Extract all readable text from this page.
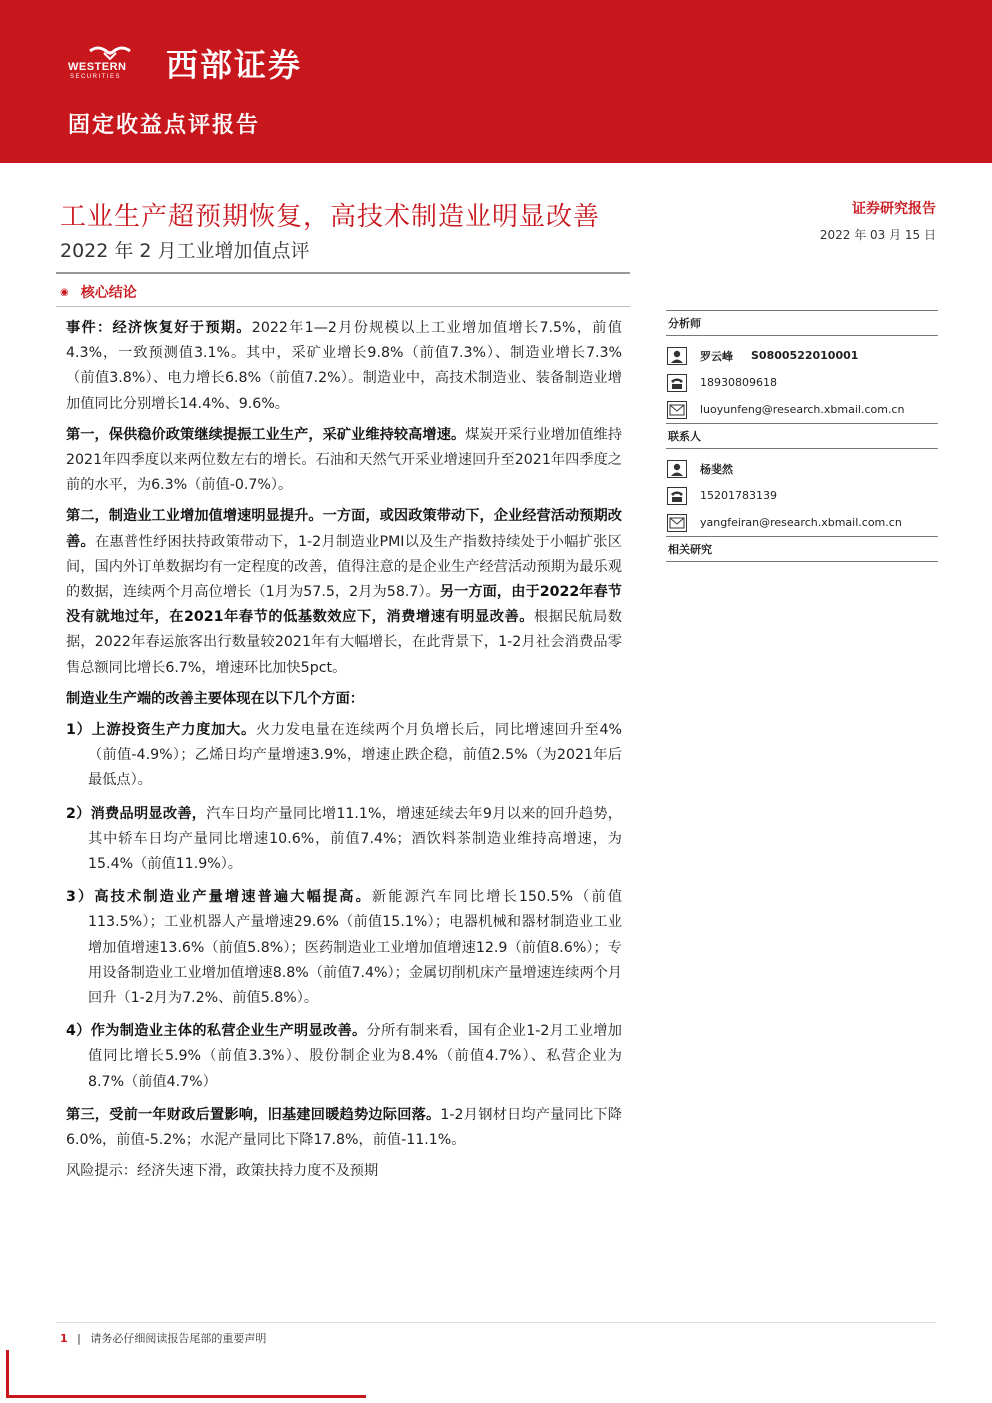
WESTERN
SECURITIES 西部证券
固定收益点评报告
工业生产超预期恢复，高技术制造业明显改善
2022 年 2 月工业增加值点评
证券研究报告
2022 年 03 月 15 日
◉ 核心结论

事件：经济恢复好于预期。2022年1—2月份规模以上工业增加值增长7.5%，前值4.3%，一致预测值3.1%。其中，采矿业增长9.8%（前值7.3%）、制造业增长7.3%（前值3.8%）、电力增长6.8%（前值7.2%）。制造业中，高技术制造业、装备制造业增加值同比分别增长14.4%、9.6%。

第一，保供稳价政策继续提振工业生产，采矿业维持较高增速。煤炭开采行业增加值维持2021年四季度以来两位数左右的增长。石油和天然气开采业增速回升至2021年四季度之前的水平，为6.3%（前值-0.7%）。

第二，制造业工业增加值增速明显提升。一方面，或因政策带动下，企业经营活动预期改善。在惠普性纾困扶持政策带动下，1-2月制造业PMI以及生产指数持续处于小幅扩张区间，国内外订单数据均有一定程度的改善，值得注意的是企业生产经营活动预期为最乐观的数据，连续两个月高位增长（1月为57.5，2月为58.7）。另一方面，由于2022年春节没有就地过年，在2021年春节的低基数效应下，消费增速有明显改善。根据民航局数据，2022年春运旅客出行数量较2021年有大幅增长，在此背景下，1-2月社会消费品零售总额同比增长6.7%，增速环比加快5pct。

制造业生产端的改善主要体现在以下几个方面：

1）上游投资生产力度加大。火力发电量在连续两个月负增长后，同比增速回升至4%（前值-4.9%）；乙烯日均产量增速3.9%，增速止跌企稳，前值2.5%（为2021年后最低点）。

2）消费品明显改善，汽车日均产量同比增11.1%，增速延续去年9月以来的回升趋势，其中轿车日均产量同比增速10.6%，前值7.4%；酒饮料茶制造业维持高增速，为15.4%（前值11.9%）。

3）高技术制造业产量增速普遍大幅提高。新能源汽车同比增长150.5%（前值113.5%）；工业机器人产量增速29.6%（前值15.1%）；电器机械和器材制造业工业增加值增速13.6%（前值5.8%）；医药制造业工业增加值增速12.9（前值8.6%）；专用设备制造业工业增加值增速8.8%（前值7.4%）；金属切削机床产量增速连续两个月回升（1-2月为7.2%、前值5.8%）。

4）作为制造业主体的私营企业生产明显改善。分所有制来看，国有企业1-2月工业增加值同比增长5.9%（前值3.3%）、股份制企业为8.4%（前值4.7%）、私营企业为8.7%（前值4.7%）

第三，受前一年财政后置影响，旧基建回暖趋势边际回落。1-2月钢材日均产量同比下降6.0%，前值-5.2%；水泥产量同比下降17.8%，前值-11.1%。

风险提示：经济失速下滑，政策扶持力度不及预期

分析师
罗云峰 S0800522010001
18930809618
luoyunfeng@research.xbmail.com.cn
联系人
杨斐然
15201783139
yangfeiran@research.xbmail.com.cn
相关研究
1 | 请务必仔细阅读报告尾部的重要声明
